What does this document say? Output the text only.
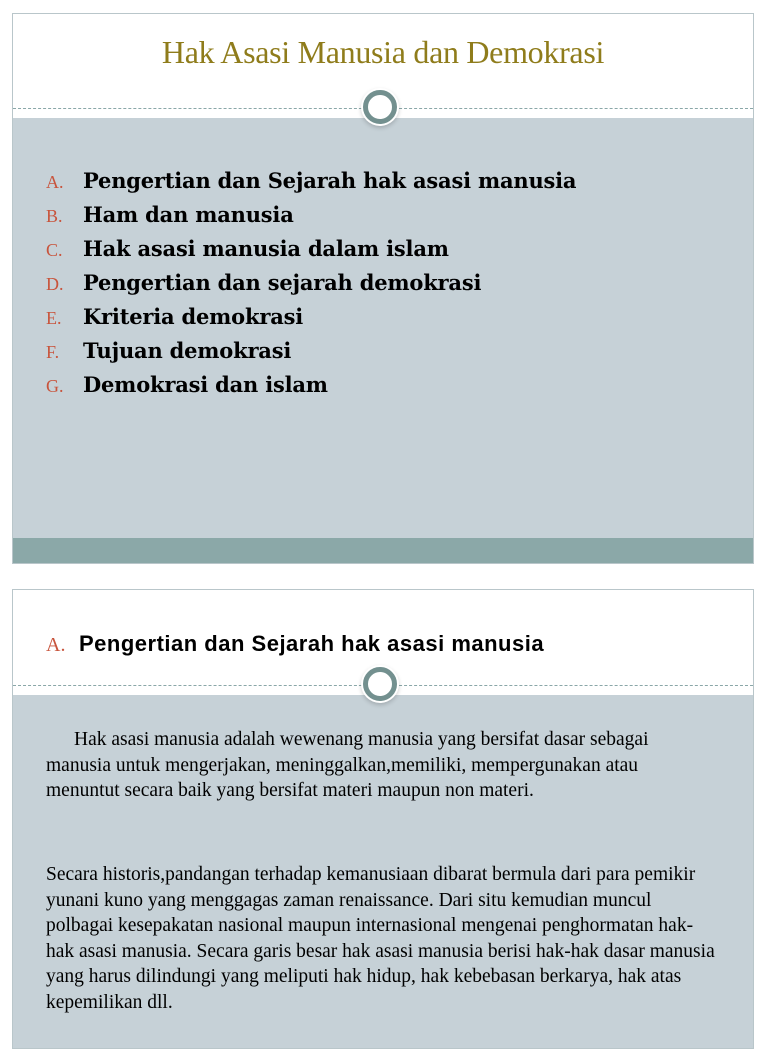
Hak Asasi Manusia dan Demokrasi
A. Pengertian dan Sejarah hak asasi manusia
B. Ham dan manusia
C. Hak asasi manusia dalam islam
D. Pengertian dan sejarah demokrasi
E. Kriteria demokrasi
F. Tujuan demokrasi
G. Demokrasi dan islam
A. Pengertian dan Sejarah hak asasi manusia

Hak asasi manusia adalah wewenang manusia yang bersifat dasar sebagai manusia untuk mengerjakan, meninggalkan,memiliki, mempergunakan atau menuntut secara baik yang bersifat materi maupun non materi.

Secara historis,pandangan terhadap kemanusiaan dibarat bermula dari para pemikir yunani kuno yang menggagas zaman renaissance. Dari situ kemudian muncul polbagai kesepakatan nasional maupun internasional mengenai penghormatan hak-hak asasi manusia. Secara garis besar hak asasi manusia berisi hak-hak dasar manusia yang harus dilindungi yang meliputi hak hidup, hak kebebasan berkarya, hak atas kepemilikan dll.
